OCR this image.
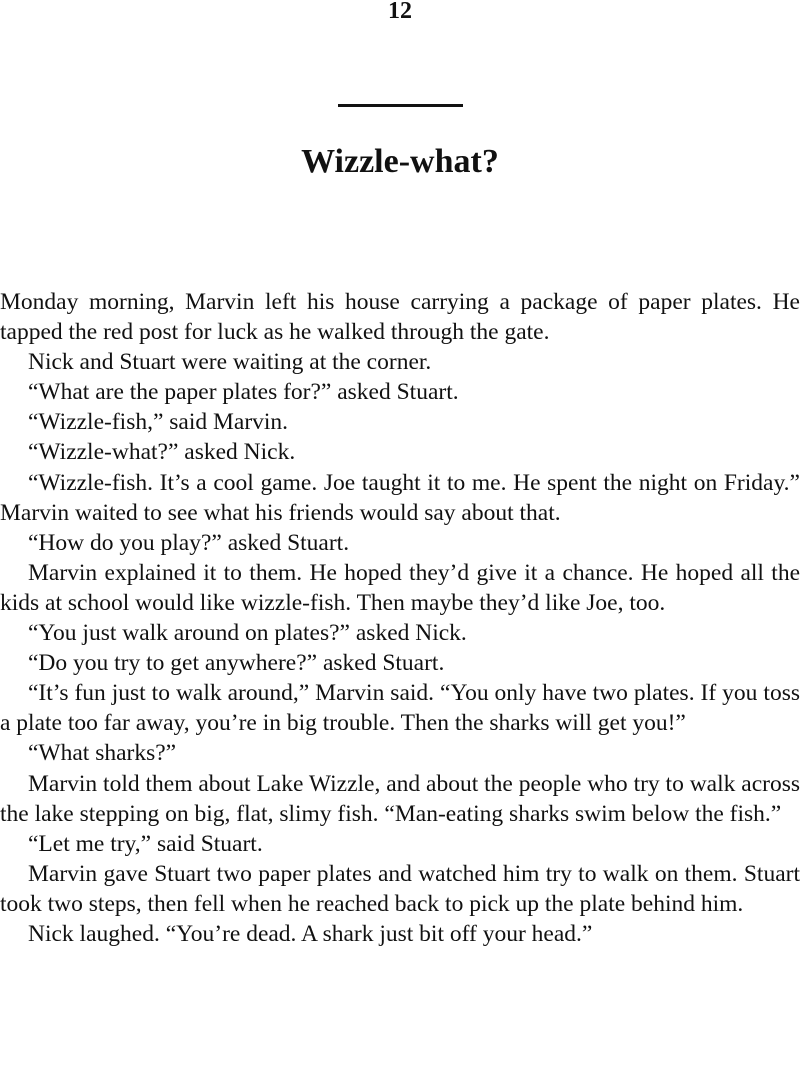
12
Wizzle-what?

Monday morning, Marvin left his house carrying a package of paper plates. He tapped the red post for luck as he walked through the gate.

Nick and Stuart were waiting at the corner.

“What are the paper plates for?” asked Stuart.

“Wizzle-fish,” said Marvin.

“Wizzle-what?” asked Nick.

“Wizzle-fish. It’s a cool game. Joe taught it to me. He spent the night on Friday.” Marvin waited to see what his friends would say about that.

“How do you play?” asked Stuart.

Marvin explained it to them. He hoped they’d give it a chance. He hoped all the kids at school would like wizzle-fish. Then maybe they’d like Joe, too.

“You just walk around on plates?” asked Nick.

“Do you try to get anywhere?” asked Stuart.

“It’s fun just to walk around,” Marvin said. “You only have two plates. If you toss a plate too far away, you’re in big trouble. Then the sharks will get you!”

“What sharks?”

Marvin told them about Lake Wizzle, and about the people who try to walk across the lake stepping on big, flat, slimy fish. “Man-eating sharks swim below the fish.”

“Let me try,” said Stuart.

Marvin gave Stuart two paper plates and watched him try to walk on them. Stuart took two steps, then fell when he reached back to pick up the plate behind him.

Nick laughed. “You’re dead. A shark just bit off your head.”
